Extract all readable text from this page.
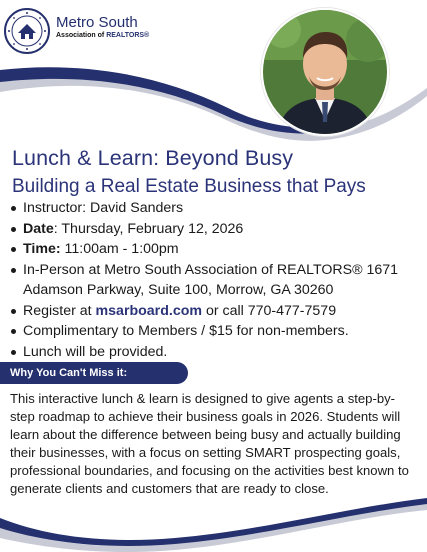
Metro South
Association of REALTORS®
Lunch & Learn: Beyond Busy
Building a Real Estate Business that Pays
Instructor: David Sanders
Date: Thursday, February 12, 2026
Time: 11:00am - 1:00pm
In-Person at Metro South Association of REALTORS® 1671 Adamson Parkway, Suite 100, Morrow, GA 30260
Register at msarboard.com or call 770-477-7579
Complimentary to Members / $15 for non-members.
Lunch will be provided.
Why You Can't Miss it:

This interactive lunch & learn is designed to give agents a step-by-step roadmap to achieve their business goals in 2026. Students will learn about the difference between being busy and actually building their businesses, with a focus on setting SMART prospecting goals, professional boundaries, and focusing on the activities best known to generate clients and customers that are ready to close.
